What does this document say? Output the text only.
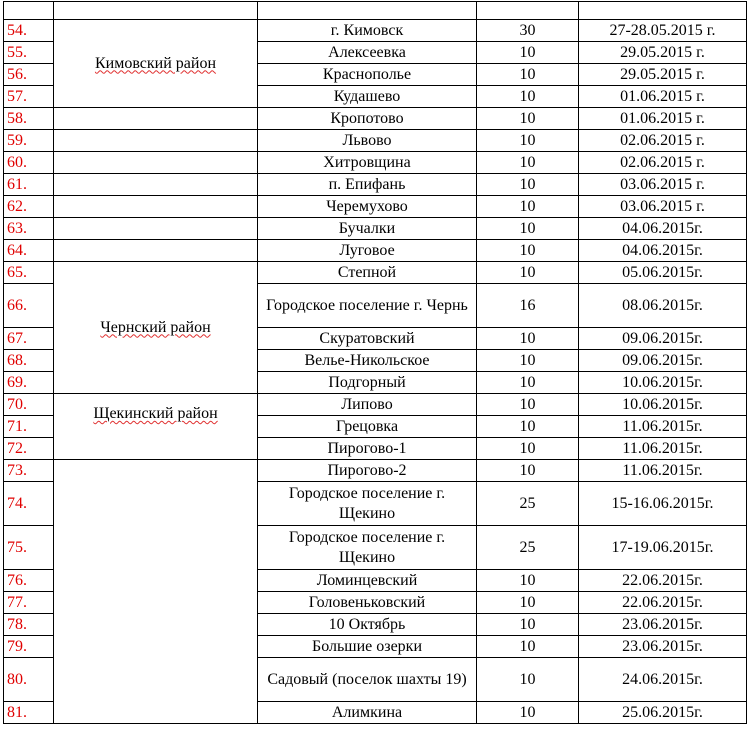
54.	Кимовский район	г. Кимовск	30	27-28.05.2015 г.
55.		Алексеевка	10	29.05.2015 г.
56.		Краснополье	10	29.05.2015 г.
57.		Кудашево	10	01.06.2015 г.
58.		Кропотово	10	01.06.2015 г.
59.		Львово	10	02.06.2015 г.
60.		Хитровщина	10	02.06.2015 г.
61.		п. Епифань	10	03.06.2015 г.
62.		Черемухово	10	03.06.2015 г.
63.		Бучалки	10	04.06.2015г.
64.		Луговое	10	04.06.2015г.
65.	Чернский район	Степной	10	05.06.2015г.
66.		Городское поселение г. Чернь	16	08.06.2015г.
67.		Скуратовский	10	09.06.2015г.
68.		Велье-Никольское	10	09.06.2015г.
69.		Подгорный	10	10.06.2015г.
70.	Щекинский район	Липово	10	10.06.2015г.
71.		Грецовка	10	11.06.2015г.
72.		Пирогово-1	10	11.06.2015г.
73.		Пирогово-2	10	11.06.2015г.
74.		Городское поселение г. Щекино	25	15-16.06.2015г.
75.		Городское поселение г. Щекино	25	17-19.06.2015г.
76.		Ломинцевский	10	22.06.2015г.
77.		Головеньковский	10	22.06.2015г.
78.		10 Октябрь	10	23.06.2015г.
79.		Большие озерки	10	23.06.2015г.
80.		Садовый (поселок шахты 19)	10	24.06.2015г.
81.		Алимкина	10	25.06.2015г.
